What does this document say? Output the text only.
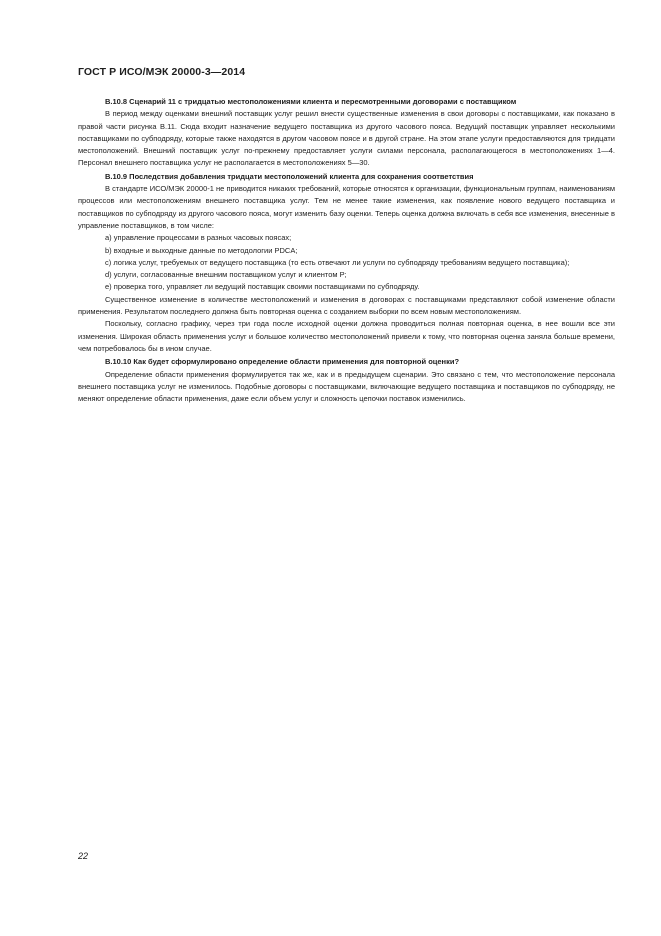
ГОСТ Р ИСО/МЭК 20000-3—2014

В.10.8 Сценарий 11 с тридцатью местоположениями клиента и пересмотренными договорами с поставщиком

В период между оценками внешний поставщик услуг решил внести существенные изменения в свои договоры с поставщиками, как показано в правой части рисунка В.11. Сюда входит назначение ведущего поставщика из другого часового пояса. Ведущий поставщик управляет несколькими поставщиками по субподряду, которые также находятся в другом часовом поясе и в другой стране. На этом этапе услуги предоставляются для тридцати местоположений. Внешний поставщик услуг по-прежнему предоставляет услуги силами персонала, располагающегося в местоположениях 1—4. Персонал внешнего поставщика услуг не располагается в местоположениях 5—30.

В.10.9 Последствия добавления тридцати местоположений клиента для сохранения соответствия

В стандарте ИСО/МЭК 20000-1 не приводится никаких требований, которые относятся к организации, функциональным группам, наименованиям процессов или местоположениям внешнего поставщика услуг. Тем не менее такие изменения, как появление нового ведущего поставщика и поставщиков по субподряду из другого часового пояса, могут изменить базу оценки. Теперь оценка должна включать в себя все изменения, внесенные в управление поставщиков, в том числе:

а) управление процессами в разных часовых поясах;

b) входные и выходные данные по методологии PDCA;

с) логика услуг, требуемых от ведущего поставщика (то есть отвечают ли услуги по субподряду требованиям ведущего поставщика);

d) услуги, согласованные внешним поставщиком услуг и клиентом Р;

е) проверка того, управляет ли ведущий поставщик своими поставщиками по субподряду.

Существенное изменение в количестве местоположений и изменения в договорах с поставщиками представляют собой изменение области применения. Результатом последнего должна быть повторная оценка с созданием выборки по всем новым местоположениям.

Поскольку, согласно графику, через три года после исходной оценки должна проводиться полная повторная оценка, в нее вошли все эти изменения. Широкая область применения услуг и большое количество местоположений привели к тому, что повторная оценка заняла больше времени, чем потребовалось бы в ином случае.

В.10.10 Как будет сформулировано определение области применения для повторной оценки?

Определение области применения формулируется так же, как и в предыдущем сценарии. Это связано с тем, что местоположение персонала внешнего поставщика услуг не изменилось. Подобные договоры с поставщиками, включающие ведущего поставщика и поставщиков по субподряду, не меняют определение области применения, даже если объем услуг и сложность цепочки поставок изменились.

22
